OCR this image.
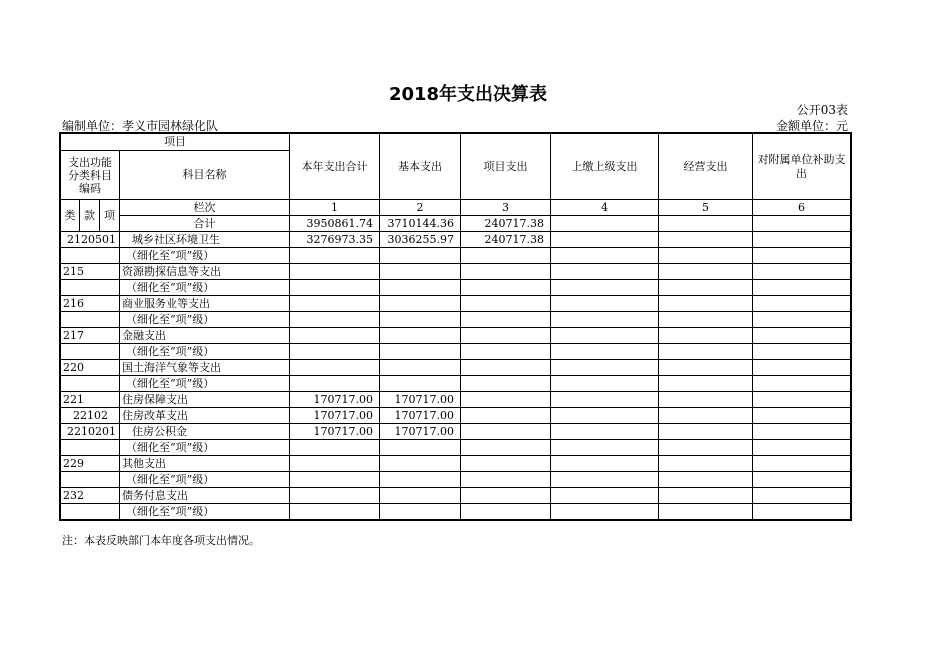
2018年支出决算表
公开03表
编制单位：孝义市园林绿化队	金额单位：元
项目				本年支出合计	基本支出	项目支出	上缴上级支出	经营支出	对附属单位补助支出
支出功能分类科目编码			科目名称						

类	款	项	栏次	1	2	3	4	5	6
			合计	3950861.74	3710144.36	240717.38			
2120501			城乡社区环境卫生	3276973.35	3036255.97	240717.38			
			（细化至“项”级）						
215			资源勘探信息等支出						
			（细化至“项”级）						
216			商业服务业等支出						
			（细化至“项”级）						
217			金融支出						
			（细化至“项”级）						
220			国土海洋气象等支出						
			（细化至“项”级）						
221			住房保障支出	170717.00	170717.00				
22102			住房改革支出	170717.00	170717.00				
2210201			住房公积金	170717.00	170717.00				
			（细化至“项”级）						
229			其他支出						
			（细化至“项”级）						
232			债务付息支出						
			（细化至“项”级）						
注：本表反映部门本年度各项支出情况。
